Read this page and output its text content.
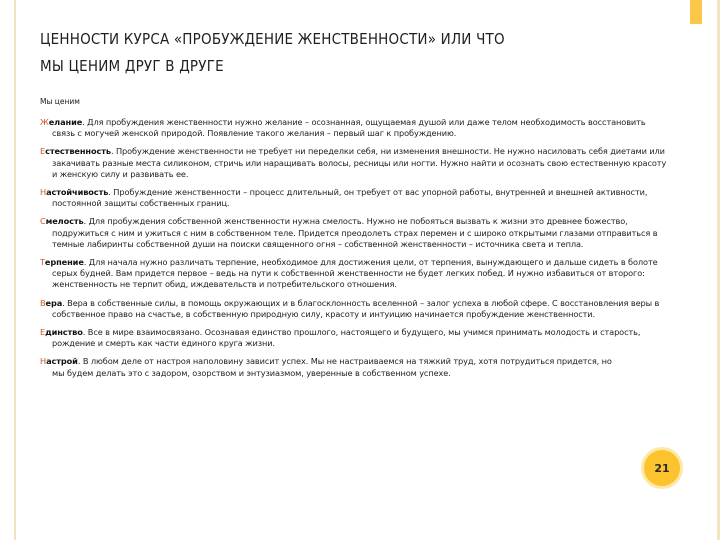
ЦЕННОСТИ КУРСА «ПРОБУЖДЕНИЕ ЖЕНСТВЕННОСТИ» ИЛИ ЧТО
МЫ ЦЕНИМ ДРУГ В ДРУГЕ
Мы ценим

Желание. Для пробуждения женственности нужно желание – осознанная, ощущаемая душой или даже телом необходимость восстановить связь с могучей женской природой. Появление такого желания – первый шаг к пробуждению.

Естественность. Пробуждение женственности не требует ни переделки себя, ни изменения внешности. Не нужно насиловать себя диетами или закачивать разные места силиконом, стричь или наращивать волосы, ресницы или ногти. Нужно найти и осознать свою естественную красоту и женскую силу и развивать ее.

Настойчивость. Пробуждение женственности – процесс длительный, он требует от вас упорной работы, внутренней и внешней активности, постоянной защиты собственных границ.

Смелость. Для пробуждения собственной женственности нужна смелость. Нужно не побояться вызвать к жизни это древнее божество, подружиться с ним и ужиться с ним в собственном теле. Придется преодолеть страх перемен и с широко открытыми глазами отправиться в темные лабиринты собственной души на поиски священного огня – собственной женственности – источника света и тепла.

Терпение. Для начала нужно различать терпение, необходимое для достижения цели, от терпения, вынуждающего и дальше сидеть в болоте серых будней. Вам придется первое – ведь на пути к собственной женственности не будет легких побед. И нужно избавиться от второго: женственность не терпит обид, иждевательств и потребительского отношения.

Вера. Вера в собственные силы, в помощь окружающих и в благосклонность вселенной – залог успеха в любой сфере. С восстановления веры в собственное право на счастье, в собственную природную силу, красоту и интуицию начинается пробуждение женственности.

Единство. Все в мире взаимосвязано. Осознавая единство прошлого, настоящего и будущего, мы учимся принимать молодость и старость, рождение и смерть как части единого круга жизни.

Настрой. В любом деле от настроя наполовину зависит успех. Мы не настраиваемся на тяжкий труд, хотя потрудиться придется, но мы будем делать это с задором, озорством и энтузиазмом, уверенные в собственном успехе.

21
